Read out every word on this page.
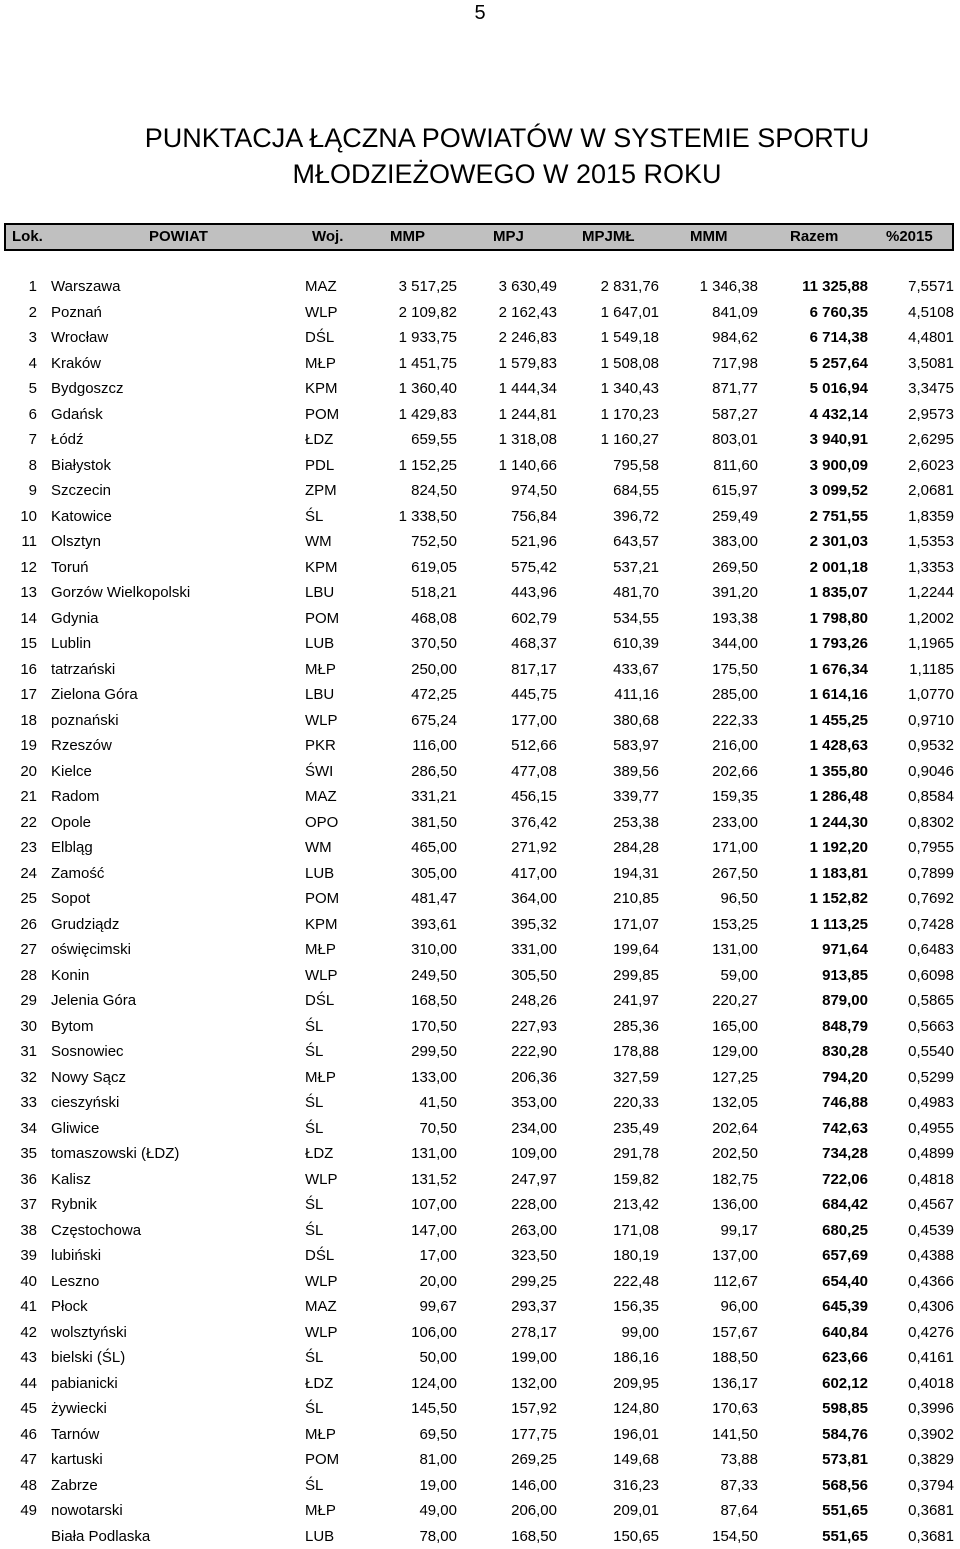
5
PUNKTACJA ŁĄCZNA POWIATÓW W SYSTEMIE SPORTU
MŁODZIEŻOWEGO W 2015 ROKU
Lok.	POWIAT	Woj.	MMP	MPJ	MPJMŁ	MMM	Razem	%2015
1 Warszawa	MAZ	3 517,25	3 630,49	2 831,76	1 346,38	11 325,88	7,5571
2 Poznań	WLP	2 109,82	2 162,43	1 647,01	841,09	6 760,35	4,5108
3 Wrocław	DŚL	1 933,75	2 246,83	1 549,18	984,62	6 714,38	4,4801
4 Kraków	MŁP	1 451,75	1 579,83	1 508,08	717,98	5 257,64	3,5081
5 Bydgoszcz	KPM	1 360,40	1 444,34	1 340,43	871,77	5 016,94	3,3475
6 Gdańsk	POM	1 429,83	1 244,81	1 170,23	587,27	4 432,14	2,9573
7 Łódź	ŁDZ	659,55	1 318,08	1 160,27	803,01	3 940,91	2,6295
8 Białystok	PDL	1 152,25	1 140,66	795,58	811,60	3 900,09	2,6023
9 Szczecin	ZPM	824,50	974,50	684,55	615,97	3 099,52	2,0681
10 Katowice	ŚL	1 338,50	756,84	396,72	259,49	2 751,55	1,8359
11 Olsztyn	WM	752,50	521,96	643,57	383,00	2 301,03	1,5353
12 Toruń	KPM	619,05	575,42	537,21	269,50	2 001,18	1,3353
13 Gorzów Wielkopolski	LBU	518,21	443,96	481,70	391,20	1 835,07	1,2244
14 Gdynia	POM	468,08	602,79	534,55	193,38	1 798,80	1,2002
15 Lublin	LUB	370,50	468,37	610,39	344,00	1 793,26	1,1965
16 tatrzański	MŁP	250,00	817,17	433,67	175,50	1 676,34	1,1185
17 Zielona Góra	LBU	472,25	445,75	411,16	285,00	1 614,16	1,0770
18 poznański	WLP	675,24	177,00	380,68	222,33	1 455,25	0,9710
19 Rzeszów	PKR	116,00	512,66	583,97	216,00	1 428,63	0,9532
20 Kielce	ŚWI	286,50	477,08	389,56	202,66	1 355,80	0,9046
21 Radom	MAZ	331,21	456,15	339,77	159,35	1 286,48	0,8584
22 Opole	OPO	381,50	376,42	253,38	233,00	1 244,30	0,8302
23 Elbląg	WM	465,00	271,92	284,28	171,00	1 192,20	0,7955
24 Zamość	LUB	305,00	417,00	194,31	267,50	1 183,81	0,7899
25 Sopot	POM	481,47	364,00	210,85	96,50	1 152,82	0,7692
26 Grudziądz	KPM	393,61	395,32	171,07	153,25	1 113,25	0,7428
27 oświęcimski	MŁP	310,00	331,00	199,64	131,00	971,64	0,6483
28 Konin	WLP	249,50	305,50	299,85	59,00	913,85	0,6098
29 Jelenia Góra	DŚL	168,50	248,26	241,97	220,27	879,00	0,5865
30 Bytom	ŚL	170,50	227,93	285,36	165,00	848,79	0,5663
31 Sosnowiec	ŚL	299,50	222,90	178,88	129,00	830,28	0,5540
32 Nowy Sącz	MŁP	133,00	206,36	327,59	127,25	794,20	0,5299
33 cieszyński	ŚL	41,50	353,00	220,33	132,05	746,88	0,4983
34 Gliwice	ŚL	70,50	234,00	235,49	202,64	742,63	0,4955
35 tomaszowski (ŁDZ)	ŁDZ	131,00	109,00	291,78	202,50	734,28	0,4899
36 Kalisz	WLP	131,52	247,97	159,82	182,75	722,06	0,4818
37 Rybnik	ŚL	107,00	228,00	213,42	136,00	684,42	0,4567
38 Częstochowa	ŚL	147,00	263,00	171,08	99,17	680,25	0,4539
39 lubiński	DŚL	17,00	323,50	180,19	137,00	657,69	0,4388
40 Leszno	WLP	20,00	299,25	222,48	112,67	654,40	0,4366
41 Płock	MAZ	99,67	293,37	156,35	96,00	645,39	0,4306
42 wolsztyński	WLP	106,00	278,17	99,00	157,67	640,84	0,4276
43 bielski (ŚL)	ŚL	50,00	199,00	186,16	188,50	623,66	0,4161
44 pabianicki	ŁDZ	124,00	132,00	209,95	136,17	602,12	0,4018
45 żywiecki	ŚL	145,50	157,92	124,80	170,63	598,85	0,3996
46 Tarnów	MŁP	69,50	177,75	196,01	141,50	584,76	0,3902
47 kartuski	POM	81,00	269,25	149,68	73,88	573,81	0,3829
48 Zabrze	ŚL	19,00	146,00	316,23	87,33	568,56	0,3794
49 nowotarski	MŁP	49,00	206,00	209,01	87,64	551,65	0,3681
Biała Podlaska	LUB	78,00	168,50	150,65	154,50	551,65	0,3681
